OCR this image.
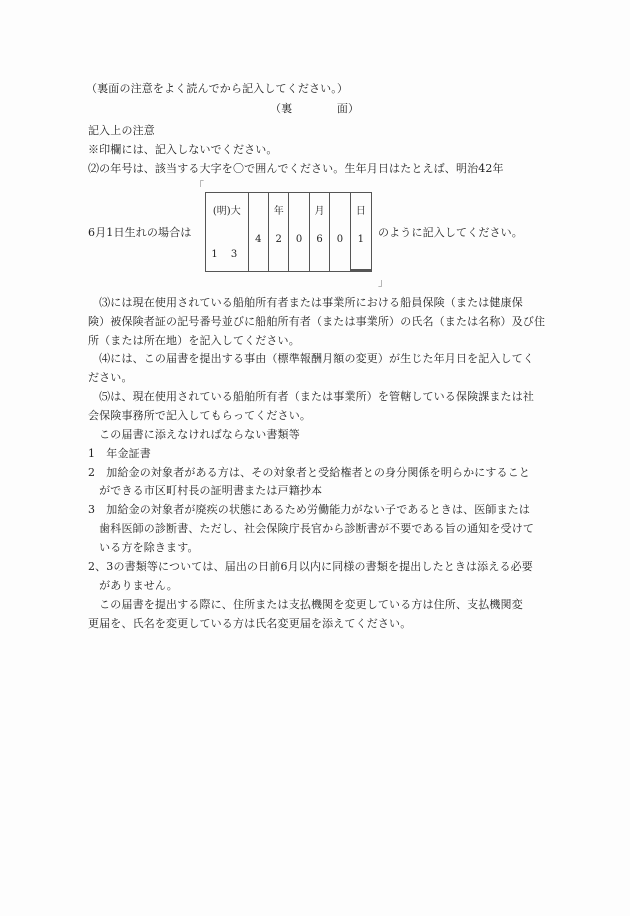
（裏面の注意をよく読んでから記入してください。）
（裏　　　　面）
記入上の注意
※印欄には、記入しないでください。
⑵の年号は、該当する大字を〇で囲んでください。生年月日はたとえば、明治42年
「
6月1日生れの場合は
(明)大
1 3
4
年
2	0
月
6	0
日
1
のように記入してください。
」
　⑶には現在使用されている船舶所有者または事業所における船員保険（または健康保
険）被保険者証の記号番号並びに船舶所有者（または事業所）の氏名（または名称）及び住
所（または所在地）を記入してください。
　⑷には、この届書を提出する事由（標準報酬月額の変更）が生じた年月日を記入してく
ださい。
　⑸は、現在使用されている船舶所有者（または事業所）を管轄している保険課または社
会保険事務所で記入してもらってください。
　この届書に添えなければならない書類等
1　年金証書
2　加給金の対象者がある方は、その対象者と受給権者との身分関係を明らかにすること
　ができる市区町村長の証明書または戸籍抄本
3　加給金の対象者が廃疾の状態にあるため労働能力がない子であるときは、医師または
　歯科医師の診断書、ただし、社会保険庁長官から診断書が不要である旨の通知を受けて
　いる方を除きます。
2、3の書類等については、届出の日前6月以内に同様の書類を提出したときは添える必要
　がありません。
　この届書を提出する際に、住所または支払機関を変更している方は住所、支払機関変
更届を、氏名を変更している方は氏名変更届を添えてください。
